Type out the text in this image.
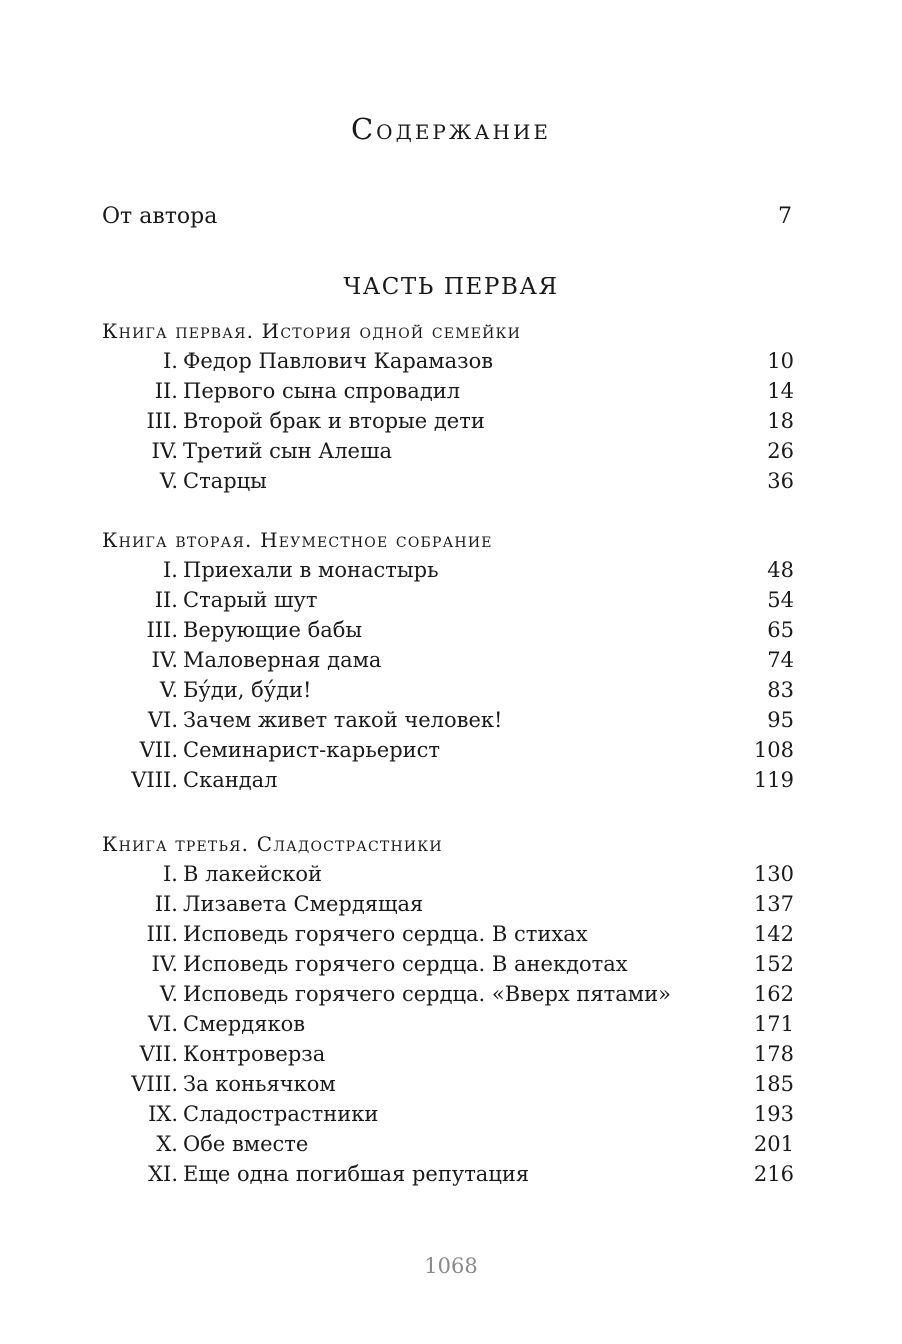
Содержание
От автора	7
ЧАСТЬ ПЕРВАЯ
Книга первая. История одной семейки
I. Федор Павлович Карамазов	10
II. Первого сына спровадил	14
III. Второй брак и вторые дети	18
IV. Третий сын Алеша	26
V. Старцы	36
Книга вторая. Неуместное собрание
I. Приехали в монастырь	48
II. Старый шут	54
III. Верующие бабы	65
IV. Маловерная дама	74
V. Бу́ди, бу́ди!	83
VI. Зачем живет такой человек!	95
VII. Семинарист-карьерист	108
VIII. Скандал	119
Книга третья. Сладострастники
I. В лакейской	130
II. Лизавета Смердящая	137
III. Исповедь горячего сердца. В стихах	142
IV. Исповедь горячего сердца. В анекдотах	152
V. Исповедь горячего сердца. «Вверх пятами»	162
VI. Смердяков	171
VII. Контроверза	178
VIII. За коньячком	185
IX. Сладострастники	193
X. Обе вместе	201
XI. Еще одна погибшая репутация	216
1068
